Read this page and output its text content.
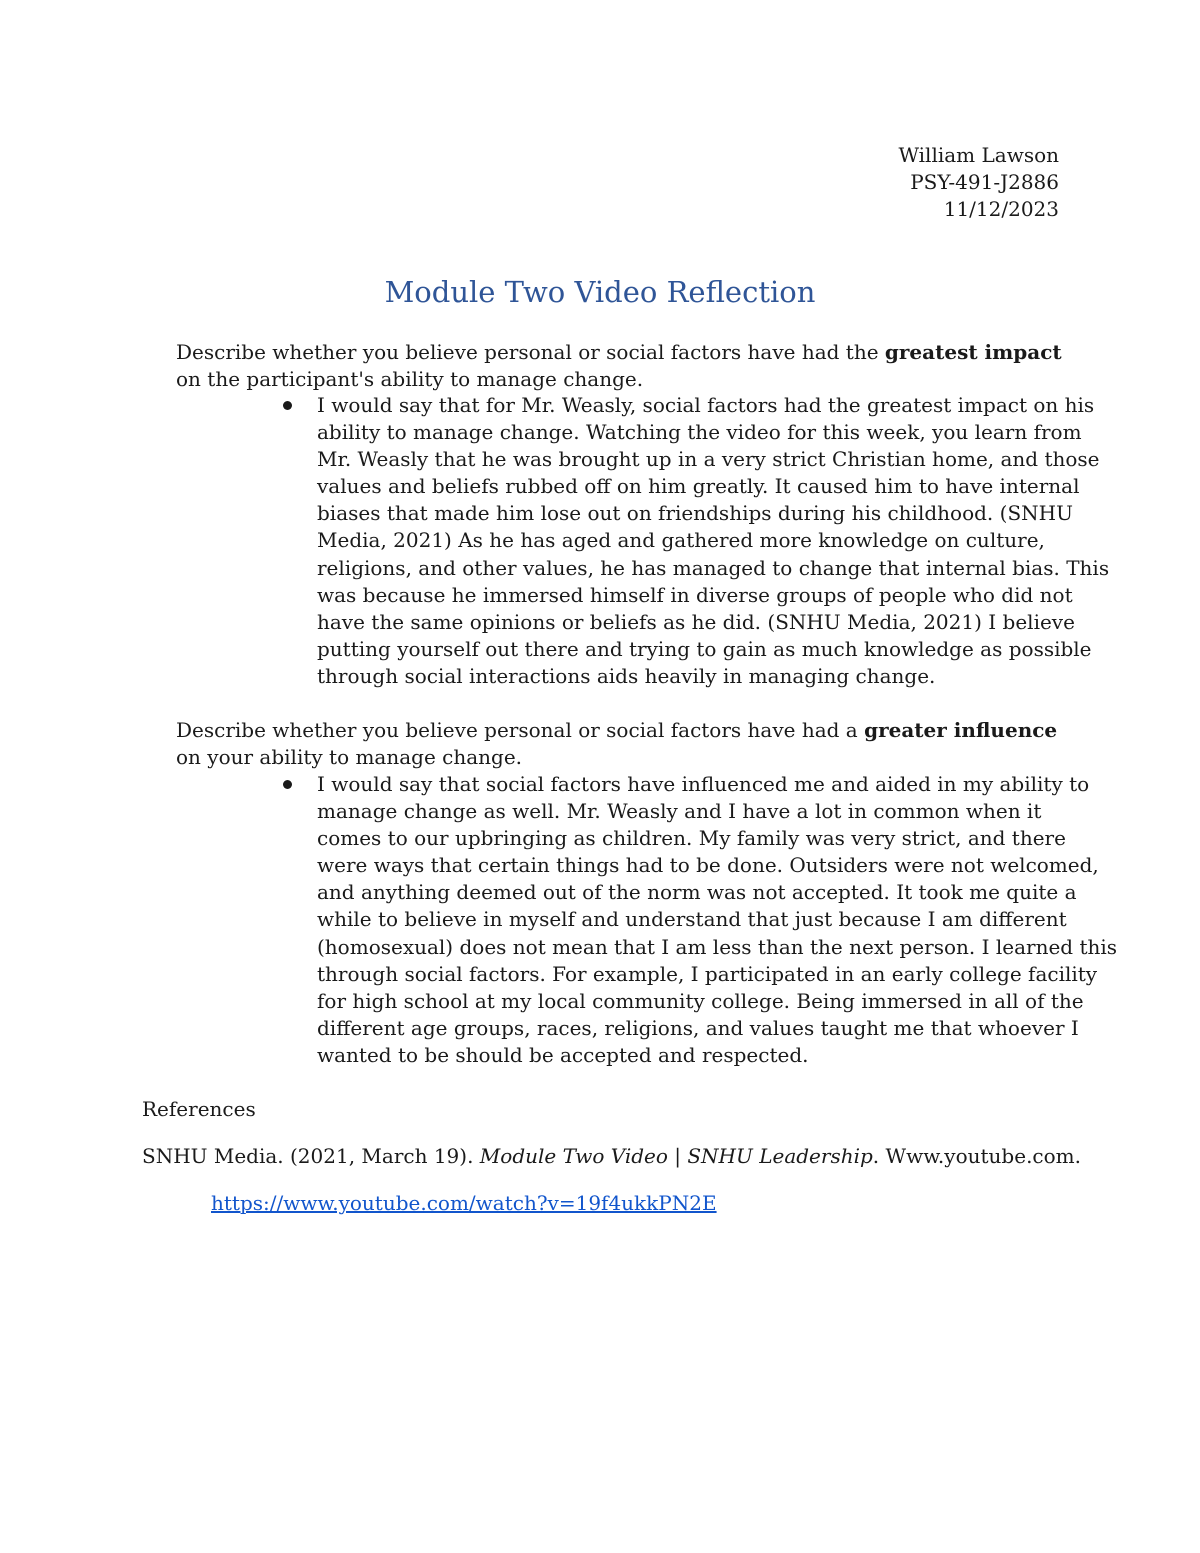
William Lawson
PSY-491-J2886
11/12/2023
Module Two Video Reflection
Describe whether you believe personal or social factors have had the greatest impact on the participant's ability to manage change.
I would say that for Mr. Weasly, social factors had the greatest impact on his
ability to manage change. Watching the video for this week, you learn from
Mr. Weasly that he was brought up in a very strict Christian home, and those
values and beliefs rubbed off on him greatly. It caused him to have internal
biases that made him lose out on friendships during his childhood. (SNHU
Media, 2021) As he has aged and gathered more knowledge on culture,
religions, and other values, he has managed to change that internal bias. This
was because he immersed himself in diverse groups of people who did not
have the same opinions or beliefs as he did. (SNHU Media, 2021) I believe
putting yourself out there and trying to gain as much knowledge as possible
through social interactions aids heavily in managing change.
Describe whether you believe personal or social factors have had a greater influence on your ability to manage change.
I would say that social factors have influenced me and aided in my ability to
manage change as well. Mr. Weasly and I have a lot in common when it
comes to our upbringing as children. My family was very strict, and there
were ways that certain things had to be done. Outsiders were not welcomed,
and anything deemed out of the norm was not accepted. It took me quite a
while to believe in myself and understand that just because I am different
(homosexual) does not mean that I am less than the next person. I learned this
through social factors. For example, I participated in an early college facility
for high school at my local community college. Being immersed in all of the
different age groups, races, religions, and values taught me that whoever I
wanted to be should be accepted and respected.
References
SNHU Media. (2021, March 19). Module Two Video | SNHU Leadership. Www.youtube.com.
https://www.youtube.com/watch?v=19f4ukkPN2E
